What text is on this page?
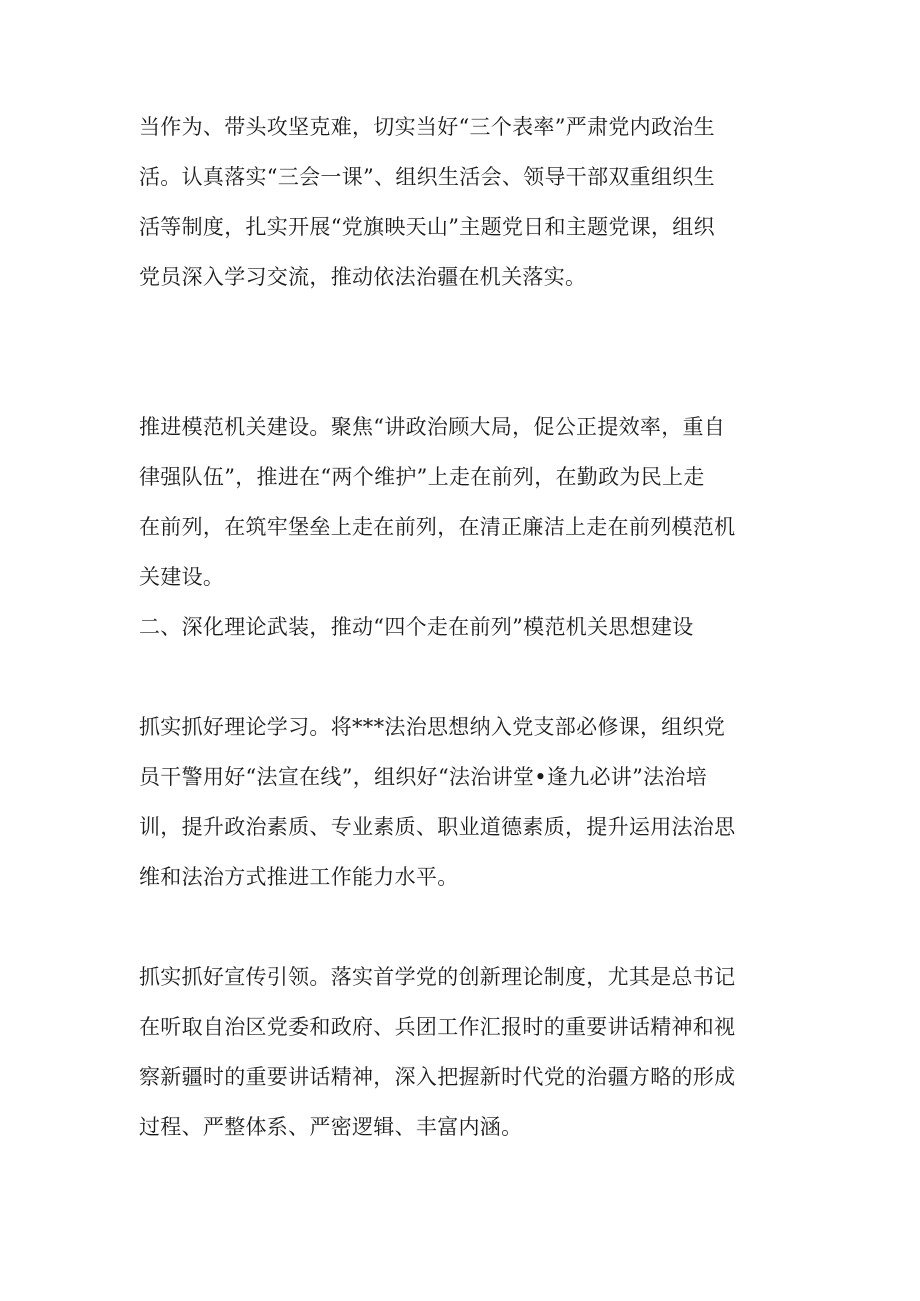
当作为、带头攻坚克难，切实当好“三个表率”严肃党内政治生
活。认真落实“三会一课”、组织生活会、领导干部双重组织生
活等制度，扎实开展“党旗映天山”主题党日和主题党课，组织
党员深入学习交流，推动依法治疆在机关落实。

推进模范机关建设。聚焦“讲政治顾大局，促公正提效率，重自
律强队伍”，推进在“两个维护”上走在前列，在勤政为民上走
在前列，在筑牢堡垒上走在前列，在清正廉洁上走在前列模范机
关建设。

二、深化理论武装，推动“四个走在前列”模范机关思想建设

抓实抓好理论学习。将***法治思想纳入党支部必修课，组织党
员干警用好“法宣在线”，组织好“法治讲堂•逢九必讲”法治培
训，提升政治素质、专业素质、职业道德素质，提升运用法治思
维和法治方式推进工作能力水平。

抓实抓好宣传引领。落实首学党的创新理论制度，尤其是总书记
在听取自治区党委和政府、兵团工作汇报时的重要讲话精神和视
察新疆时的重要讲话精神，深入把握新时代党的治疆方略的形成
过程、严整体系、严密逻辑、丰富内涵。
